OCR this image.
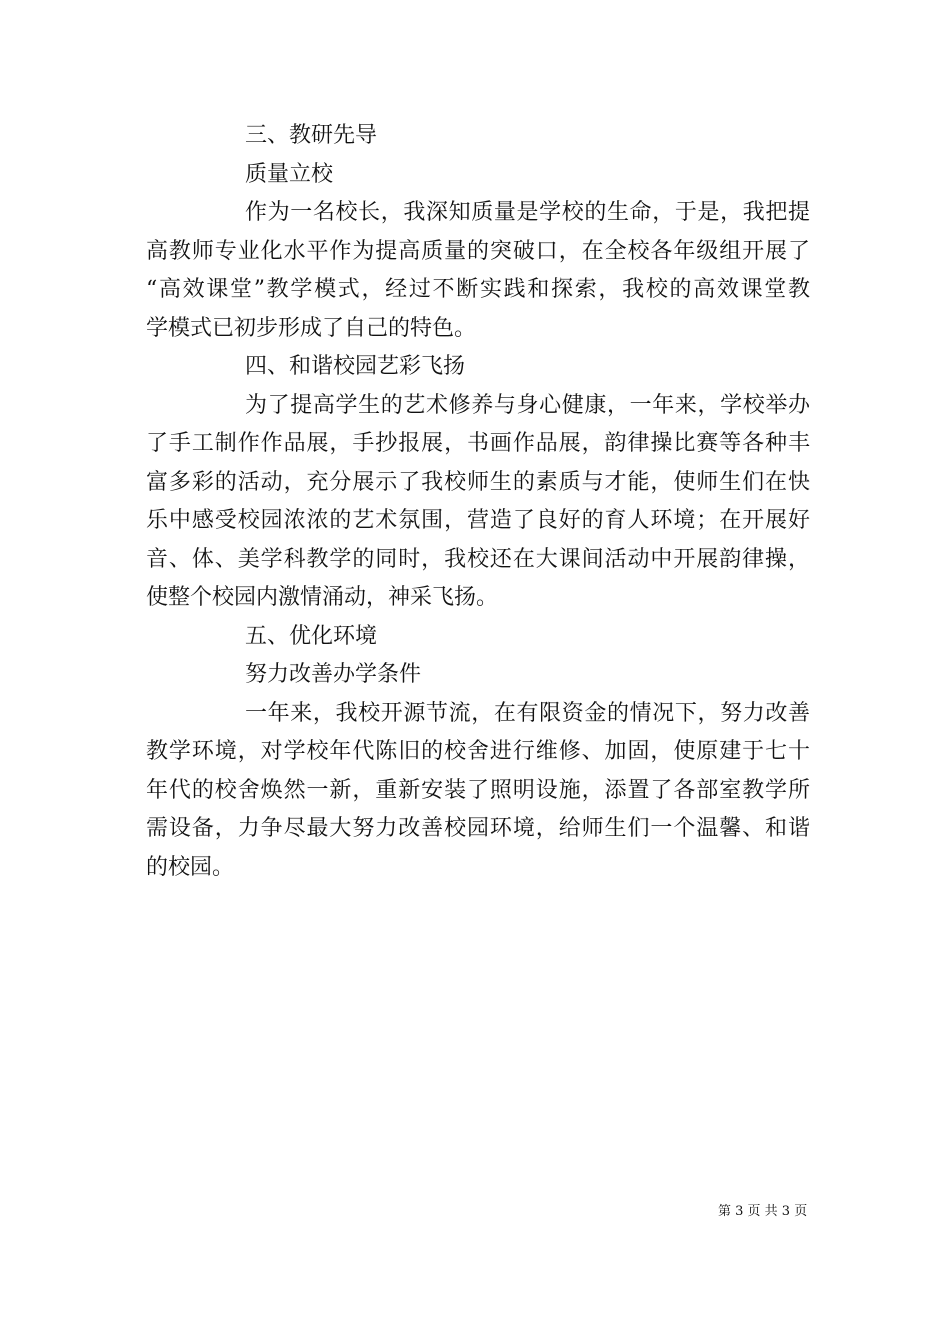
三、教研先导
质量立校
作为一名校长，我深知质量是学校的生命，于是，我把提
高教师专业化水平作为提高质量的突破口，在全校各年级组开展了
“高效课堂”教学模式，经过不断实践和探索，我校的高效课堂教
学模式已初步形成了自己的特色。
四、和谐校园艺彩飞扬
为了提高学生的艺术修养与身心健康，一年来，学校举办
了手工制作作品展，手抄报展，书画作品展，韵律操比赛等各种丰
富多彩的活动，充分展示了我校师生的素质与才能，使师生们在快
乐中感受校园浓浓的艺术氛围，营造了良好的育人环境；在开展好
音、体、美学科教学的同时，我校还在大课间活动中开展韵律操，
使整个校园内激情涌动，神采飞扬。
五、优化环境
努力改善办学条件
一年来，我校开源节流，在有限资金的情况下，努力改善
教学环境，对学校年代陈旧的校舍进行维修、加固，使原建于七十
年代的校舍焕然一新，重新安装了照明设施，添置了各部室教学所
需设备，力争尽最大努力改善校园环境，给师生们一个温馨、和谐
的校园。
第 3 页 共 3 页
